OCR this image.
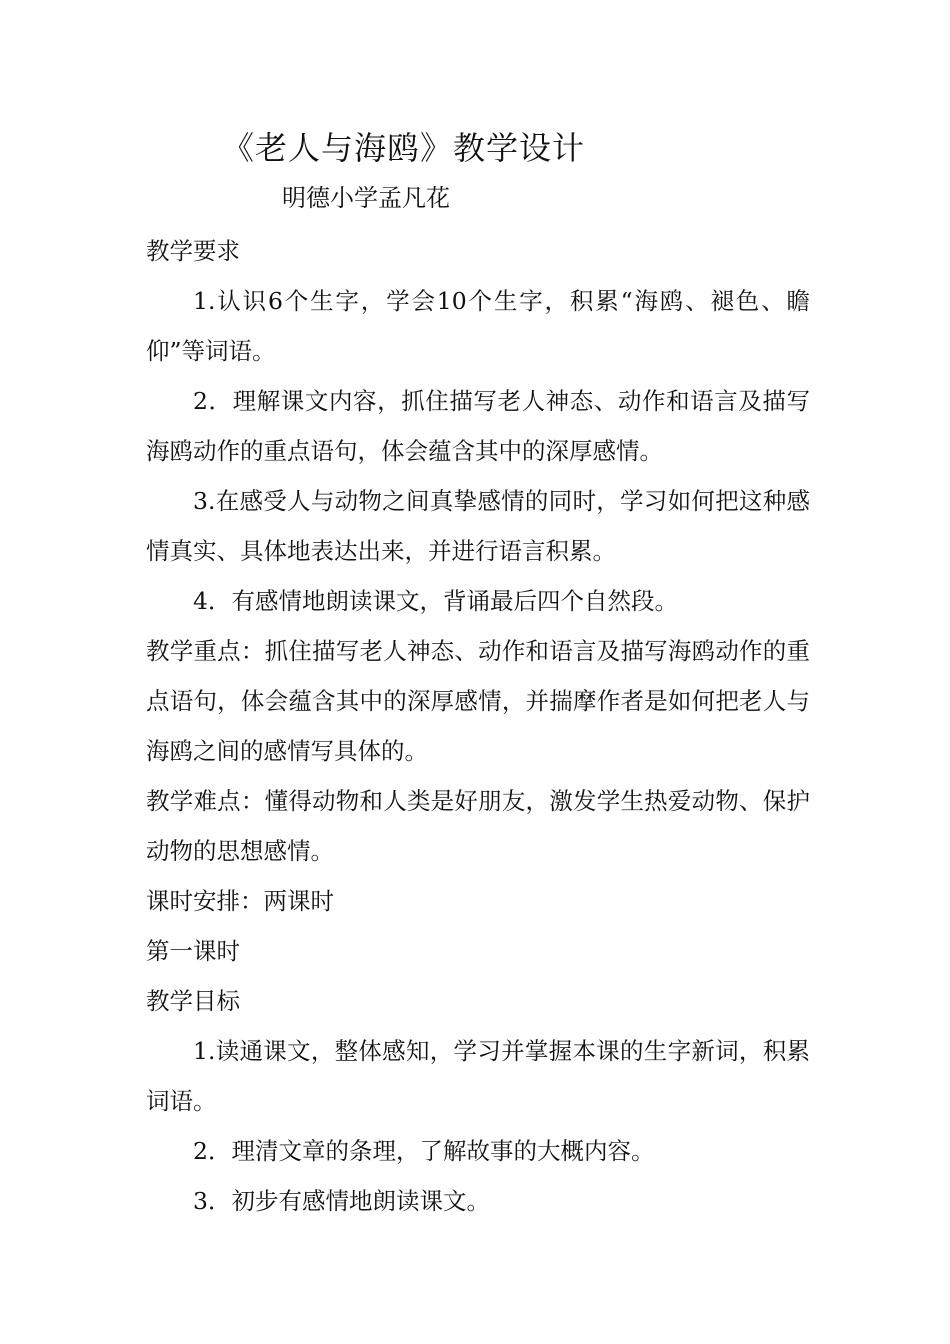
《老人与海鸥》教学设计
明德小学孟凡花

教学要求

1.认识6个生字，学会10个生字，积累“海鸥、褪色、瞻仰”等词语。

2．理解课文内容，抓住描写老人神态、动作和语言及描写海鸥动作的重点语句，体会蕴含其中的深厚感情。

3.在感受人与动物之间真挚感情的同时，学习如何把这种感情真实、具体地表达出来，并进行语言积累。

4．有感情地朗读课文，背诵最后四个自然段。

教学重点：抓住描写老人神态、动作和语言及描写海鸥动作的重点语句，体会蕴含其中的深厚感情，并揣摩作者是如何把老人与海鸥之间的感情写具体的。

教学难点：懂得动物和人类是好朋友，激发学生热爱动物、保护动物的思想感情。

课时安排：两课时

第一课时

教学目标

1.读通课文，整体感知，学习并掌握本课的生字新词，积累词语。

2．理清文章的条理，了解故事的大概内容。

3．初步有感情地朗读课文。
